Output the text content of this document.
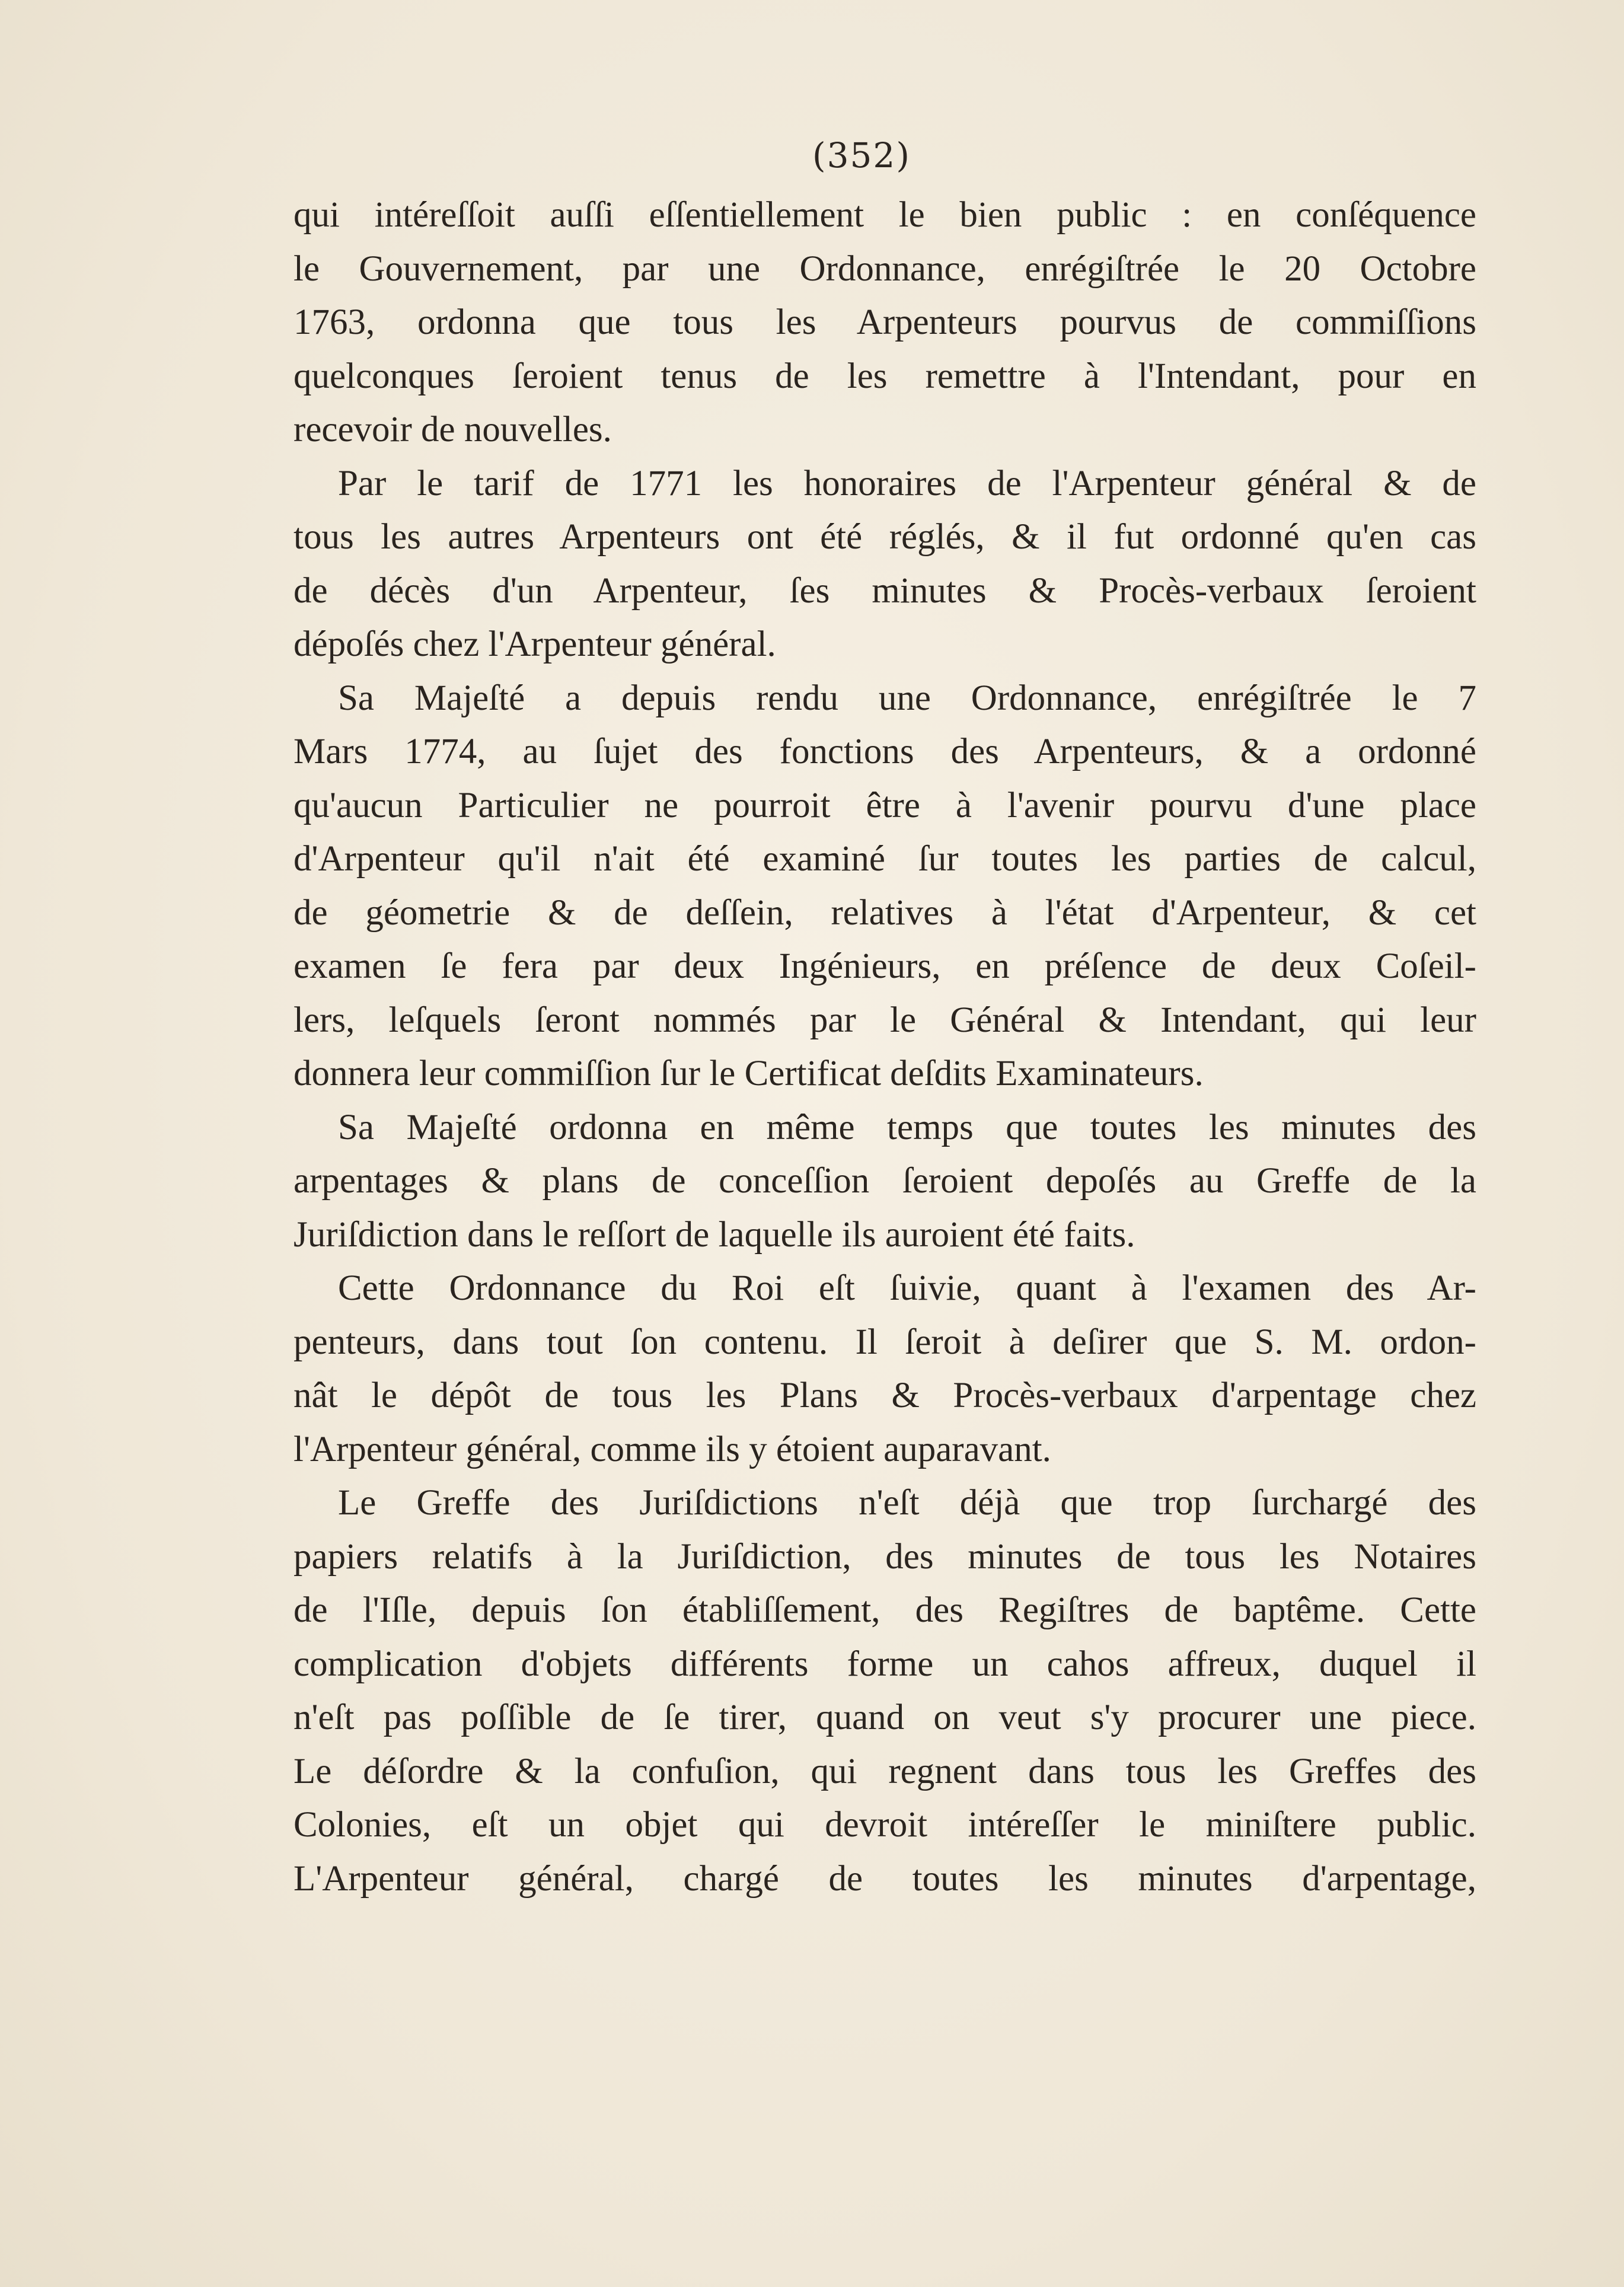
(352)
qui intéreſſoit auſſi eſſentiellement le bien public : en conſéquence
le Gouvernement, par une Ordonnance, enrégiſtrée le 20 Octobre
1763, ordonna que tous les Arpenteurs pourvus de commiſſions
quelconques ſeroient tenus de les remettre à l'Intendant, pour en
recevoir de nouvelles.
Par le tarif de 1771 les honoraires de l'Arpenteur général & de
tous les autres Arpenteurs ont été réglés, & il fut ordonné qu'en cas
de décès d'un Arpenteur, ſes minutes & Procès-verbaux ſeroient
dépoſés chez l'Arpenteur général.
Sa Majeſté a depuis rendu une Ordonnance, enrégiſtrée le 7
Mars 1774, au ſujet des fonctions des Arpenteurs, & a ordonné
qu'aucun Particulier ne pourroit être à l'avenir pourvu d'une place
d'Arpenteur qu'il n'ait été examiné ſur toutes les parties de calcul,
de géometrie & de deſſein, relatives à l'état d'Arpenteur, & cet
examen ſe fera par deux Ingénieurs, en préſence de deux Coſeil-
lers, leſquels ſeront nommés par le Général & Intendant, qui leur
donnera leur commiſſion ſur le Certificat deſdits Examinateurs.
Sa Majeſté ordonna en même temps que toutes les minutes des
arpentages & plans de conceſſion ſeroient depoſés au Greffe de la
Juriſdiction dans le reſſort de laquelle ils auroient été faits.
Cette Ordonnance du Roi eſt ſuivie, quant à l'examen des Ar-
penteurs, dans tout ſon contenu. Il ſeroit à deſirer que S. M. ordon-
nât le dépôt de tous les Plans & Procès-verbaux d'arpentage chez
l'Arpenteur général, comme ils y étoient auparavant.
Le Greffe des Juriſdictions n'eſt déjà que trop ſurchargé des
papiers relatifs à la Juriſdiction, des minutes de tous les Notaires
de l'Iſle, depuis ſon établiſſement, des Regiſtres de baptême. Cette
complication d'objets différents forme un cahos affreux, duquel il
n'eſt pas poſſible de ſe tirer, quand on veut s'y procurer une piece.
Le déſordre & la confuſion, qui regnent dans tous les Greffes des
Colonies, eſt un objet qui devroit intéreſſer le miniſtere public.
L'Arpenteur général, chargé de toutes les minutes d'arpentage,
